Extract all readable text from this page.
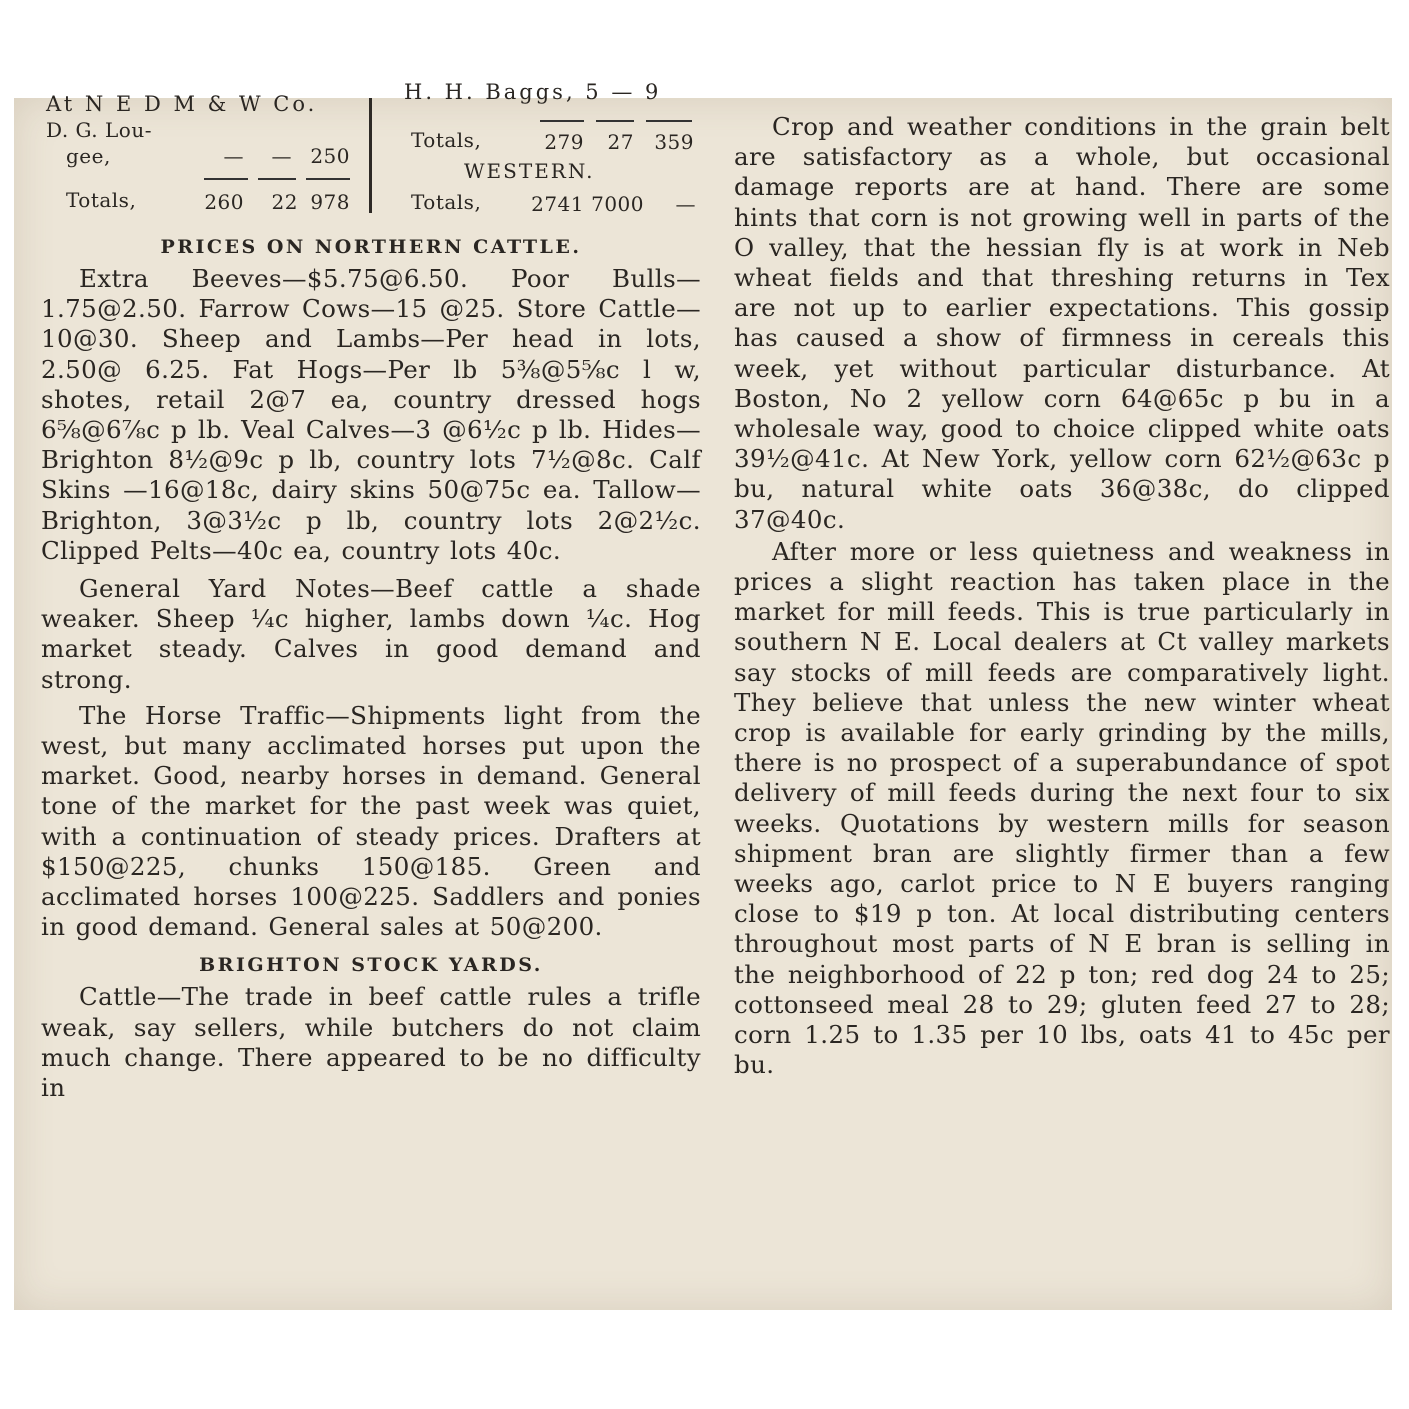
At N E D M & W Co.
D. G. Lou-
gee,	—	— 250
Totals,	260	22 978
H. H. Baggs, 5 — 9
Totals,	279	27	359
WESTERN.
Totals,	2741 7000 —

PRICES ON NORTHERN CATTLE.

Extra Beeves—$5.75@6.50. Poor Bulls—1.75@2.50. Farrow Cows—15 @25. Store Cattle—10@30. Sheep and Lambs—Per head in lots, 2.50@ 6.25. Fat Hogs—Per lb 5⅜@5⅝c l w, shotes, retail 2@7 ea, country dressed hogs 6⅝@6⅞c p lb. Veal Calves—3 @6½c p lb. Hides—Brighton 8½@9c p lb, country lots 7½@8c. Calf Skins —16@18c, dairy skins 50@75c ea. Tallow—Brighton, 3@3½c p lb, country lots 2@2½c. Clipped Pelts—40c ea, country lots 40c.

General Yard Notes—Beef cattle a shade weaker. Sheep ¼c higher, lambs down ¼c. Hog market steady. Calves in good demand and strong.

The Horse Traffic—Shipments light from the west, but many acclimated horses put upon the market. Good, nearby horses in demand. General tone of the market for the past week was quiet, with a continuation of steady prices. Drafters at $150@225, chunks 150@185. Green and acclimated horses 100@225. Saddlers and ponies in good demand. General sales at 50@200.

BRIGHTON STOCK YARDS.

Cattle—The trade in beef cattle rules a trifle weak, say sellers, while butchers do not claim much change. There appeared to be no difficulty in

Crop and weather conditions in the grain belt are satisfactory as a whole, but occasional damage reports are at hand. There are some hints that corn is not growing well in parts of the O valley, that the hessian fly is at work in Neb wheat fields and that threshing returns in Tex are not up to earlier expectations. This gossip has caused a show of firmness in cereals this week, yet without particular disturbance. At Boston, No 2 yellow corn 64@65c p bu in a wholesale way, good to choice clipped white oats 39½@41c. At New York, yellow corn 62½@63c p bu, natural white oats 36@38c, do clipped 37@40c.

After more or less quietness and weakness in prices a slight reaction has taken place in the market for mill feeds. This is true particularly in southern N E. Local dealers at Ct valley markets say stocks of mill feeds are comparatively light. They believe that unless the new winter wheat crop is available for early grinding by the mills, there is no prospect of a superabundance of spot delivery of mill feeds during the next four to six weeks. Quotations by western mills for season shipment bran are slightly firmer than a few weeks ago, carlot price to N E buyers ranging close to $19 p ton. At local distributing centers throughout most parts of N E bran is selling in the neighborhood of 22 p ton; red dog 24 to 25; cottonseed meal 28 to 29; gluten feed 27 to 28; corn 1.25 to 1.35 per 10 lbs, oats 41 to 45c per bu.
